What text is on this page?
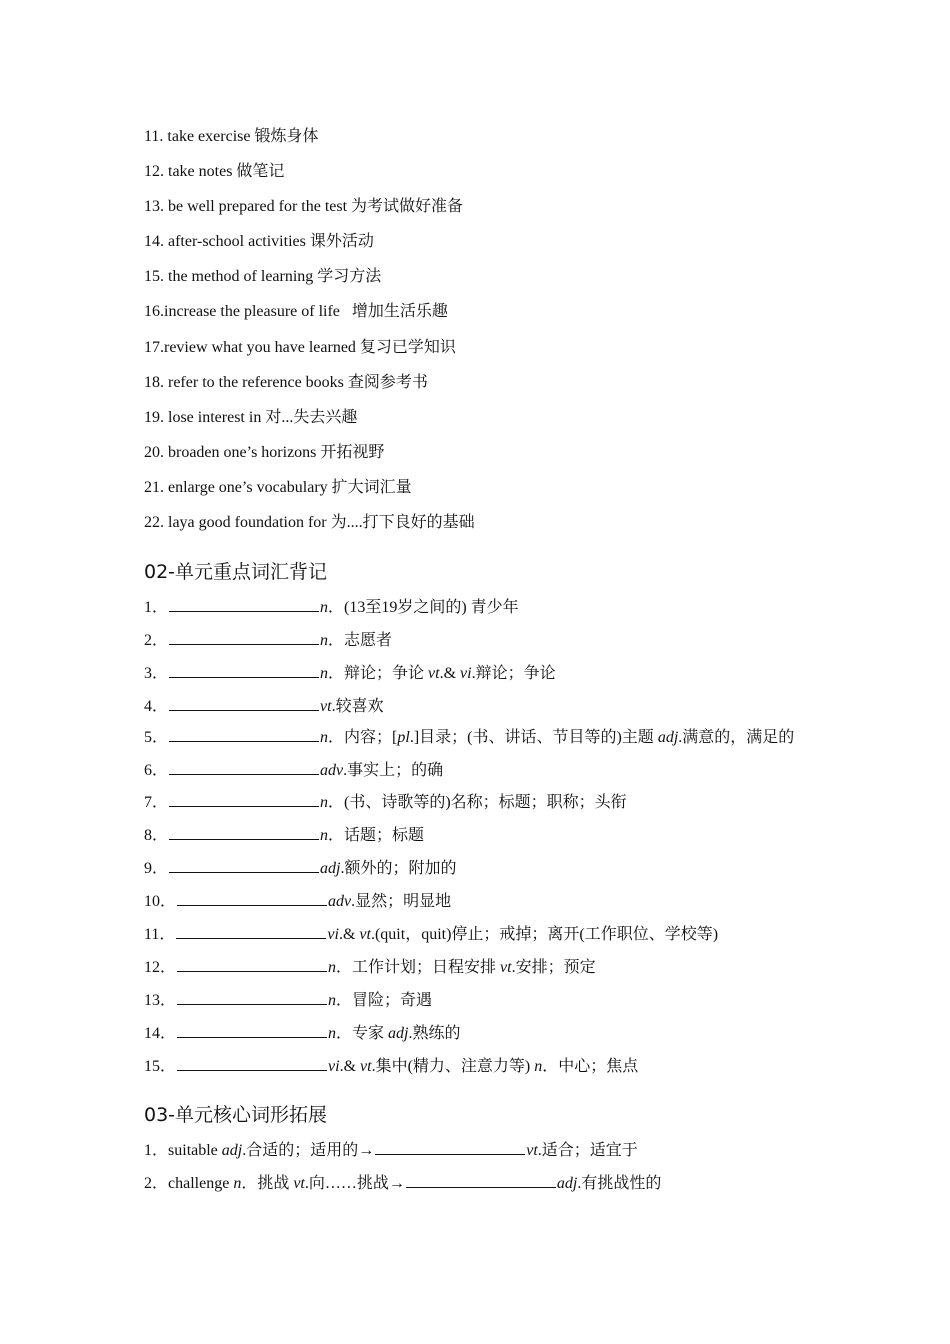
11. take exercise 锻炼身体
12. take notes 做笔记
13. be well prepared for the test 为考试做好准备
14. after-school activities 课外活动
15. the method of learning 学习方法
16.increase the pleasure of life   增加生活乐趣
17.review what you have learned 复习已学知识
18. refer to the reference books 查阅参考书
19. lose interest in 对...失去兴趣
20. broaden one’s horizons 开拓视野
21. enlarge one’s vocabulary 扩大词汇量
22. laya good foundation for 为....打下良好的基础
02-单元重点词汇背记
1．	n．(13至19岁之间的) 青少年
2．	n．志愿者
3．	n．辩论；争论 vt.& vi.辩论；争论
4．	vt.较喜欢
5．	n．内容；[pl.]目录；(书、讲话、节目等的)主题 adj.满意的，满足的
6．	adv.事实上；的确
7．	n．(书、诗歌等的)名称；标题；职称；头衔
8．	n．话题；标题
9．	adj.额外的；附加的
10．	adv.显然；明显地
11．	vi.& vt.(quit，quit)停止；戒掉；离开(工作职位、学校等)
12．	n．工作计划；日程安排 vt.安排；预定
13．	n．冒险；奇遇
14．	n．专家 adj.熟练的
15．	vi.& vt.集中(精力、注意力等) n．中心；焦点
03-单元核心词形拓展
1．suitable adj.合适的；适用的→	vt.适合；适宜于
2．challenge n．挑战 vt.向……挑战→	adj.有挑战性的
